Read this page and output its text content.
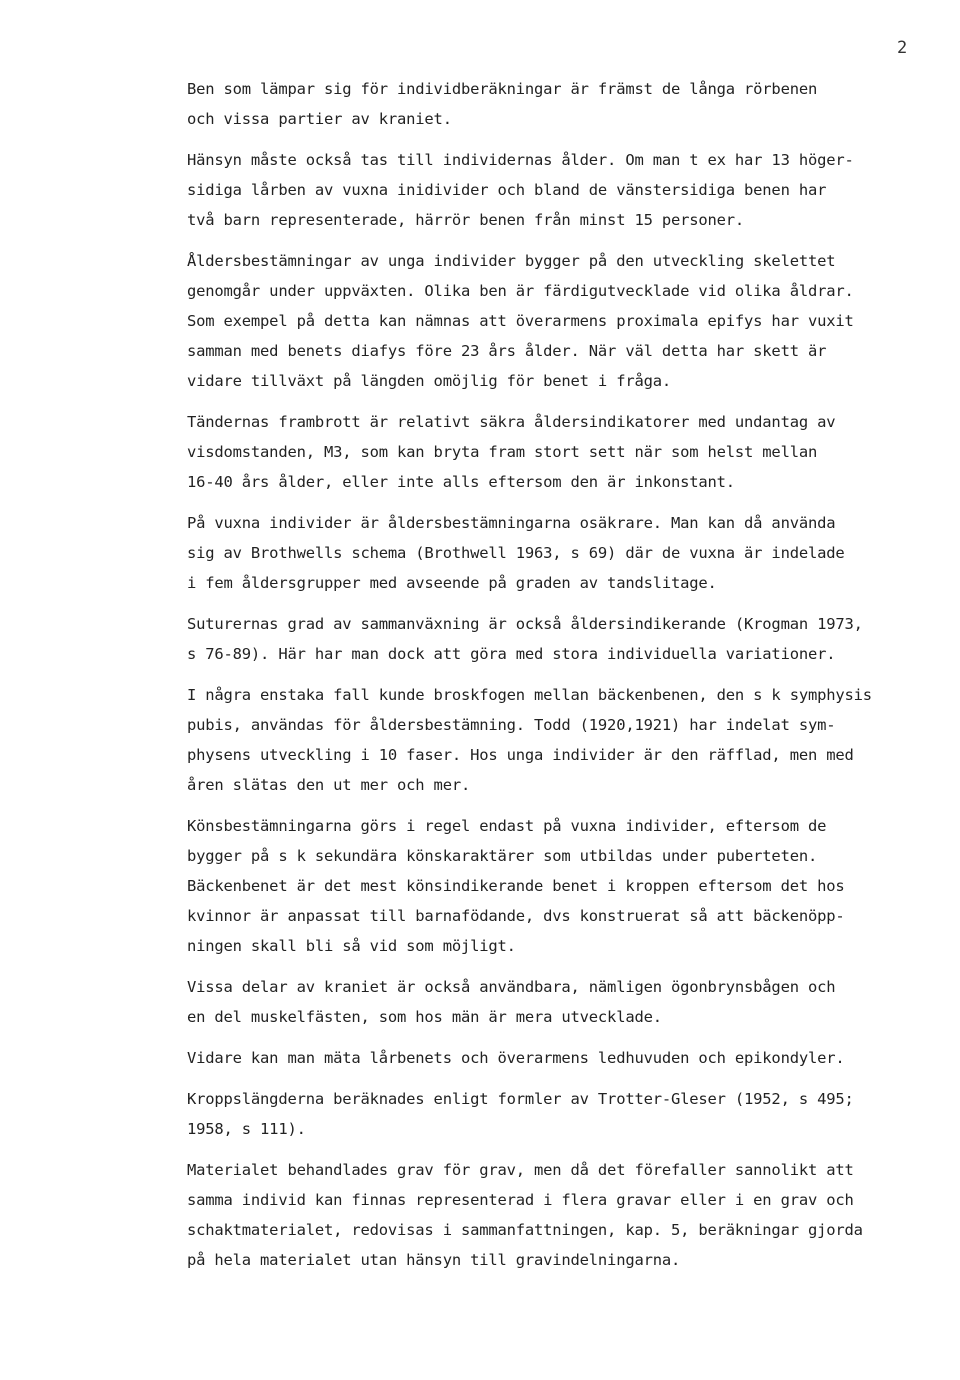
2
Ben som lämpar sig för individberäkningar är främst de långa rörbenen
och vissa partier av kraniet.
Hänsyn måste också tas till individernas ålder. Om man t ex har 13 höger-
sidiga lårben av vuxna inidivider och bland de vänstersidiga benen har
två barn representerade, härrör benen från minst 15 personer.
Åldersbestämningar av unga individer bygger på den utveckling skelettet
genomgår under uppväxten. Olika ben är färdigutvecklade vid olika åldrar.
Som exempel på detta kan nämnas att överarmens proximala epifys har vuxit
samman med benets diafys före 23 års ålder. När väl detta har skett är
vidare tillväxt på längden omöjlig för benet i fråga.
Tändernas frambrott är relativt säkra åldersindikatorer med undantag av
visdomstanden, M3, som kan bryta fram stort sett när som helst mellan
16-40 års ålder, eller inte alls eftersom den är inkonstant.
På vuxna individer är åldersbestämningarna osäkrare. Man kan då använda
sig av Brothwells schema (Brothwell 1963, s 69) där de vuxna är indelade
i fem åldersgrupper med avseende på graden av tandslitage.
Suturernas grad av sammanväxning är också åldersindikerande (Krogman 1973,
s 76-89). Här har man dock att göra med stora individuella variationer.
I några enstaka fall kunde broskfogen mellan bäckenbenen, den s k symphysis
pubis, användas för åldersbestämning. Todd (1920,1921) har indelat sym-
physens utveckling i 10 faser. Hos unga individer är den räfflad, men med
åren slätas den ut mer och mer.
Könsbestämningarna görs i regel endast på vuxna individer, eftersom de
bygger på s k sekundära könskaraktärer som utbildas under puberteten.
Bäckenbenet är det mest könsindikerande benet i kroppen eftersom det hos
kvinnor är anpassat till barnafödande, dvs konstruerat så att bäckenöpp-
ningen skall bli så vid som möjligt.
Vissa delar av kraniet är också användbara, nämligen ögonbrynsbågen och
en del muskelfästen, som hos män är mera utvecklade.
Vidare kan man mäta lårbenets och överarmens ledhuvuden och epikondyler.
Kroppslängderna beräknades enligt formler av Trotter-Gleser (1952, s 495;
1958, s 111).
Materialet behandlades grav för grav, men då det förefaller sannolikt att
samma individ kan finnas representerad i flera gravar eller i en grav och
schaktmaterialet, redovisas i sammanfattningen, kap. 5, beräkningar gjorda
på hela materialet utan hänsyn till gravindelningarna.
